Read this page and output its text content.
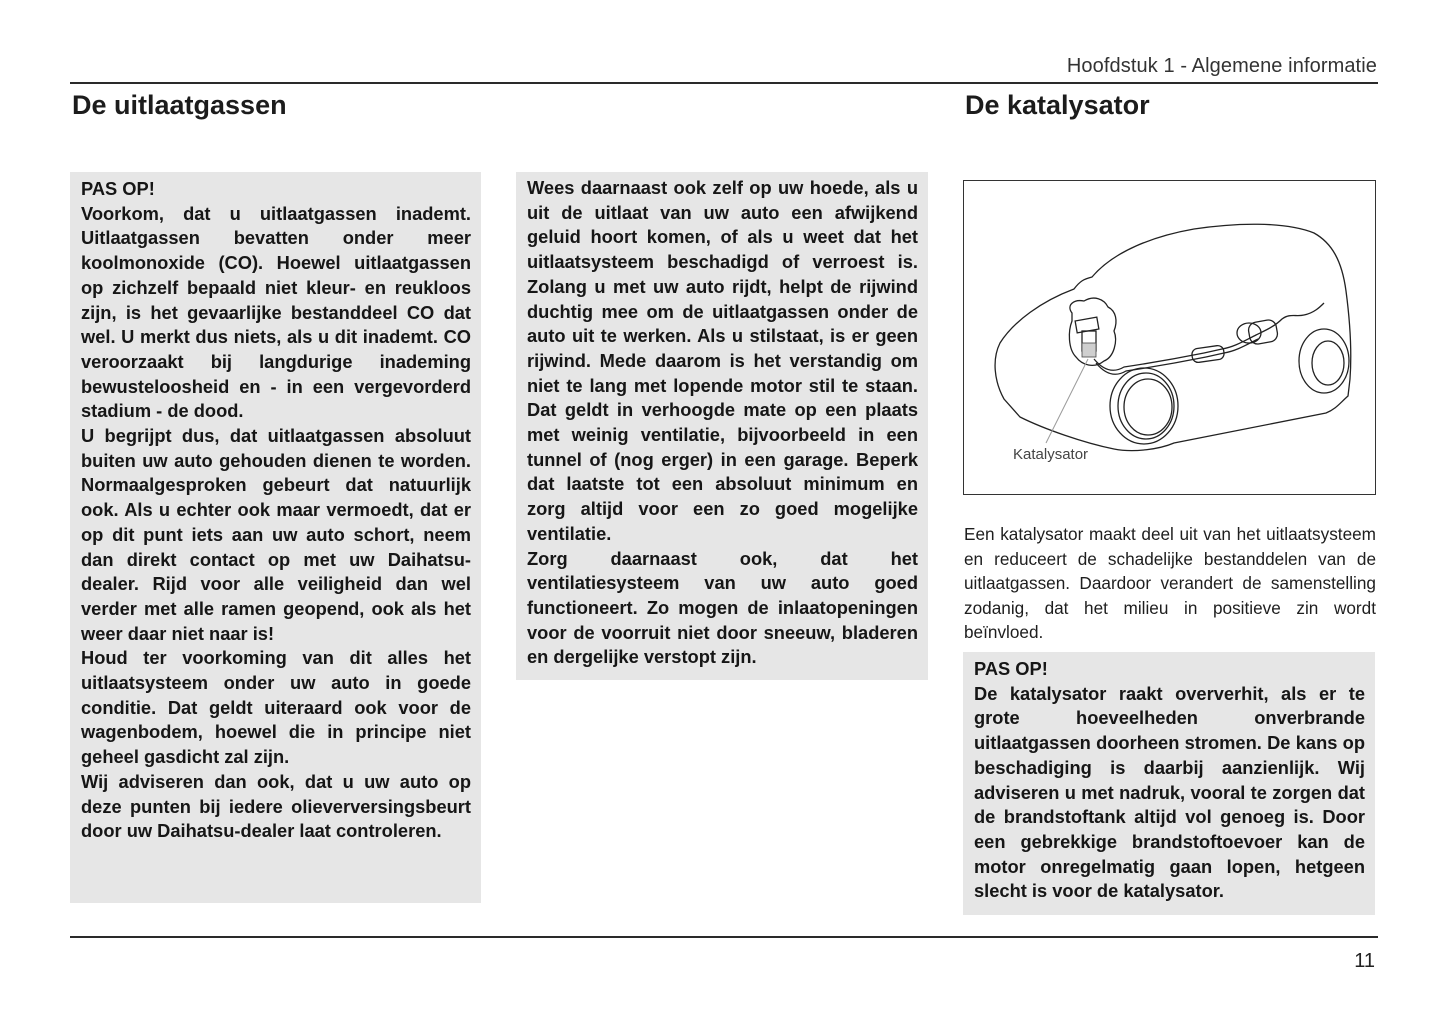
Hoofdstuk 1 - Algemene informatie
De uitlaatgassen	De katalysator

PAS OP!

Voorkom, dat u uitlaatgassen inademt. Uitlaatgassen bevatten onder meer koolmonoxide (CO). Hoewel uitlaatgassen op zichzelf bepaald niet kleur- en reukloos zijn, is het gevaarlijke bestanddeel CO dat wel. U merkt dus niets, als u dit inademt. CO veroorzaakt bij langdurige inademing bewusteloosheid en - in een vergevorderd stadium - de dood.

U begrijpt dus, dat uitlaatgassen absoluut buiten uw auto gehouden dienen te worden. Normaalgesproken gebeurt dat natuurlijk ook. Als u echter ook maar vermoedt, dat er op dit punt iets aan uw auto schort, neem dan direkt contact op met uw Daihatsu-dealer. Rijd voor alle veiligheid dan wel verder met alle ramen geopend, ook als het weer daar niet naar is!

Houd ter voorkoming van dit alles het uitlaatsysteem onder uw auto in goede conditie. Dat geldt uiteraard ook voor de wagenbodem, hoewel die in principe niet geheel gasdicht zal zijn.

Wij adviseren dan ook, dat u uw auto op deze punten bij iedere olieverversingsbeurt door uw Daihatsu-dealer laat controleren.

Wees daarnaast ook zelf op uw hoede, als u uit de uitlaat van uw auto een afwijkend geluid hoort komen, of als u weet dat het uitlaatsysteem beschadigd of verroest is. Zolang u met uw auto rijdt, helpt de rijwind duchtig mee om de uitlaatgassen onder de auto uit te werken. Als u stilstaat, is er geen rijwind. Mede daarom is het verstandig om niet te lang met lopende motor stil te staan. Dat geldt in verhoogde mate op een plaats met weinig ventilatie, bijvoorbeeld in een tunnel of (nog erger) in een garage. Beperk dat laatste tot een absoluut minimum en zorg altijd voor een zo goed mogelijke ventilatie.

Zorg daarnaast ook, dat het ventilatiesysteem van uw auto goed functioneert. Zo mogen de inlaatopeningen voor de voorruit niet door sneeuw, bladeren en dergelijke verstopt zijn.

Katalysator

Een katalysator maakt deel uit van het uitlaatsysteem en reduceert de schadelijke bestanddelen van de uitlaatgassen. Daardoor verandert de samenstelling zodanig, dat het milieu in positieve zin wordt beïnvloed.

PAS OP!

De katalysator raakt oververhit, als er te grote hoeveelheden onverbrande uitlaatgassen doorheen stromen. De kans op beschadiging is daarbij aanzienlijk. Wij adviseren u met nadruk, vooral te zorgen dat de brandstoftank altijd vol genoeg is. Door een gebrekkige brandstoftoevoer kan de motor onregelmatig gaan lopen, hetgeen slecht is voor de katalysator.

11
